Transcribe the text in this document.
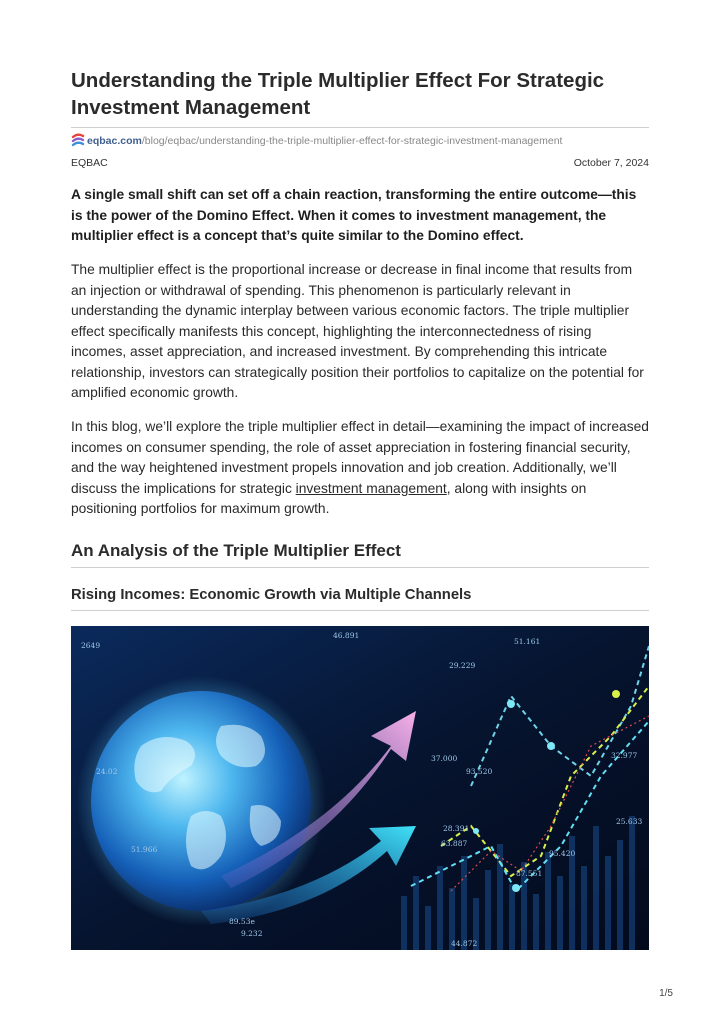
Understanding the Triple Multiplier Effect For Strategic Investment Management
eqbac.com/blog/eqbac/understanding-the-triple-multiplier-effect-for-strategic-investment-management
EQBAC	October 7, 2024

A single small shift can set off a chain reaction, transforming the entire outcome—this is the power of the Domino Effect. When it comes to investment management, the multiplier effect is a concept that’s quite similar to the Domino effect.

The multiplier effect is the proportional increase or decrease in final income that results from an injection or withdrawal of spending. This phenomenon is particularly relevant in understanding the dynamic interplay between various economic factors. The triple multiplier effect specifically manifests this concept, highlighting the interconnectedness of rising incomes, asset appreciation, and increased investment. By comprehending this intricate relationship, investors can strategically position their portfolios to capitalize on the potential for amplified economic growth.

In this blog, we’ll explore the triple multiplier effect in detail—examining the impact of increased incomes on consumer spending, the role of asset appreciation in fostering financial security, and the way heightened investment propels innovation and job creation. Additionally, we’ll discuss the implications for strategic investment management, along with insights on positioning portfolios for maximum growth.

An Analysis of the Triple Multiplier Effect
Rising Incomes: Economic Growth via Multiple Channels
46.891
51.161
29.229
32.977
37.000
93.520
28.391
63.887
95.420
87.551
44.872
9.232
2649
24.02
25.633
89.53e
51.966
1/5
